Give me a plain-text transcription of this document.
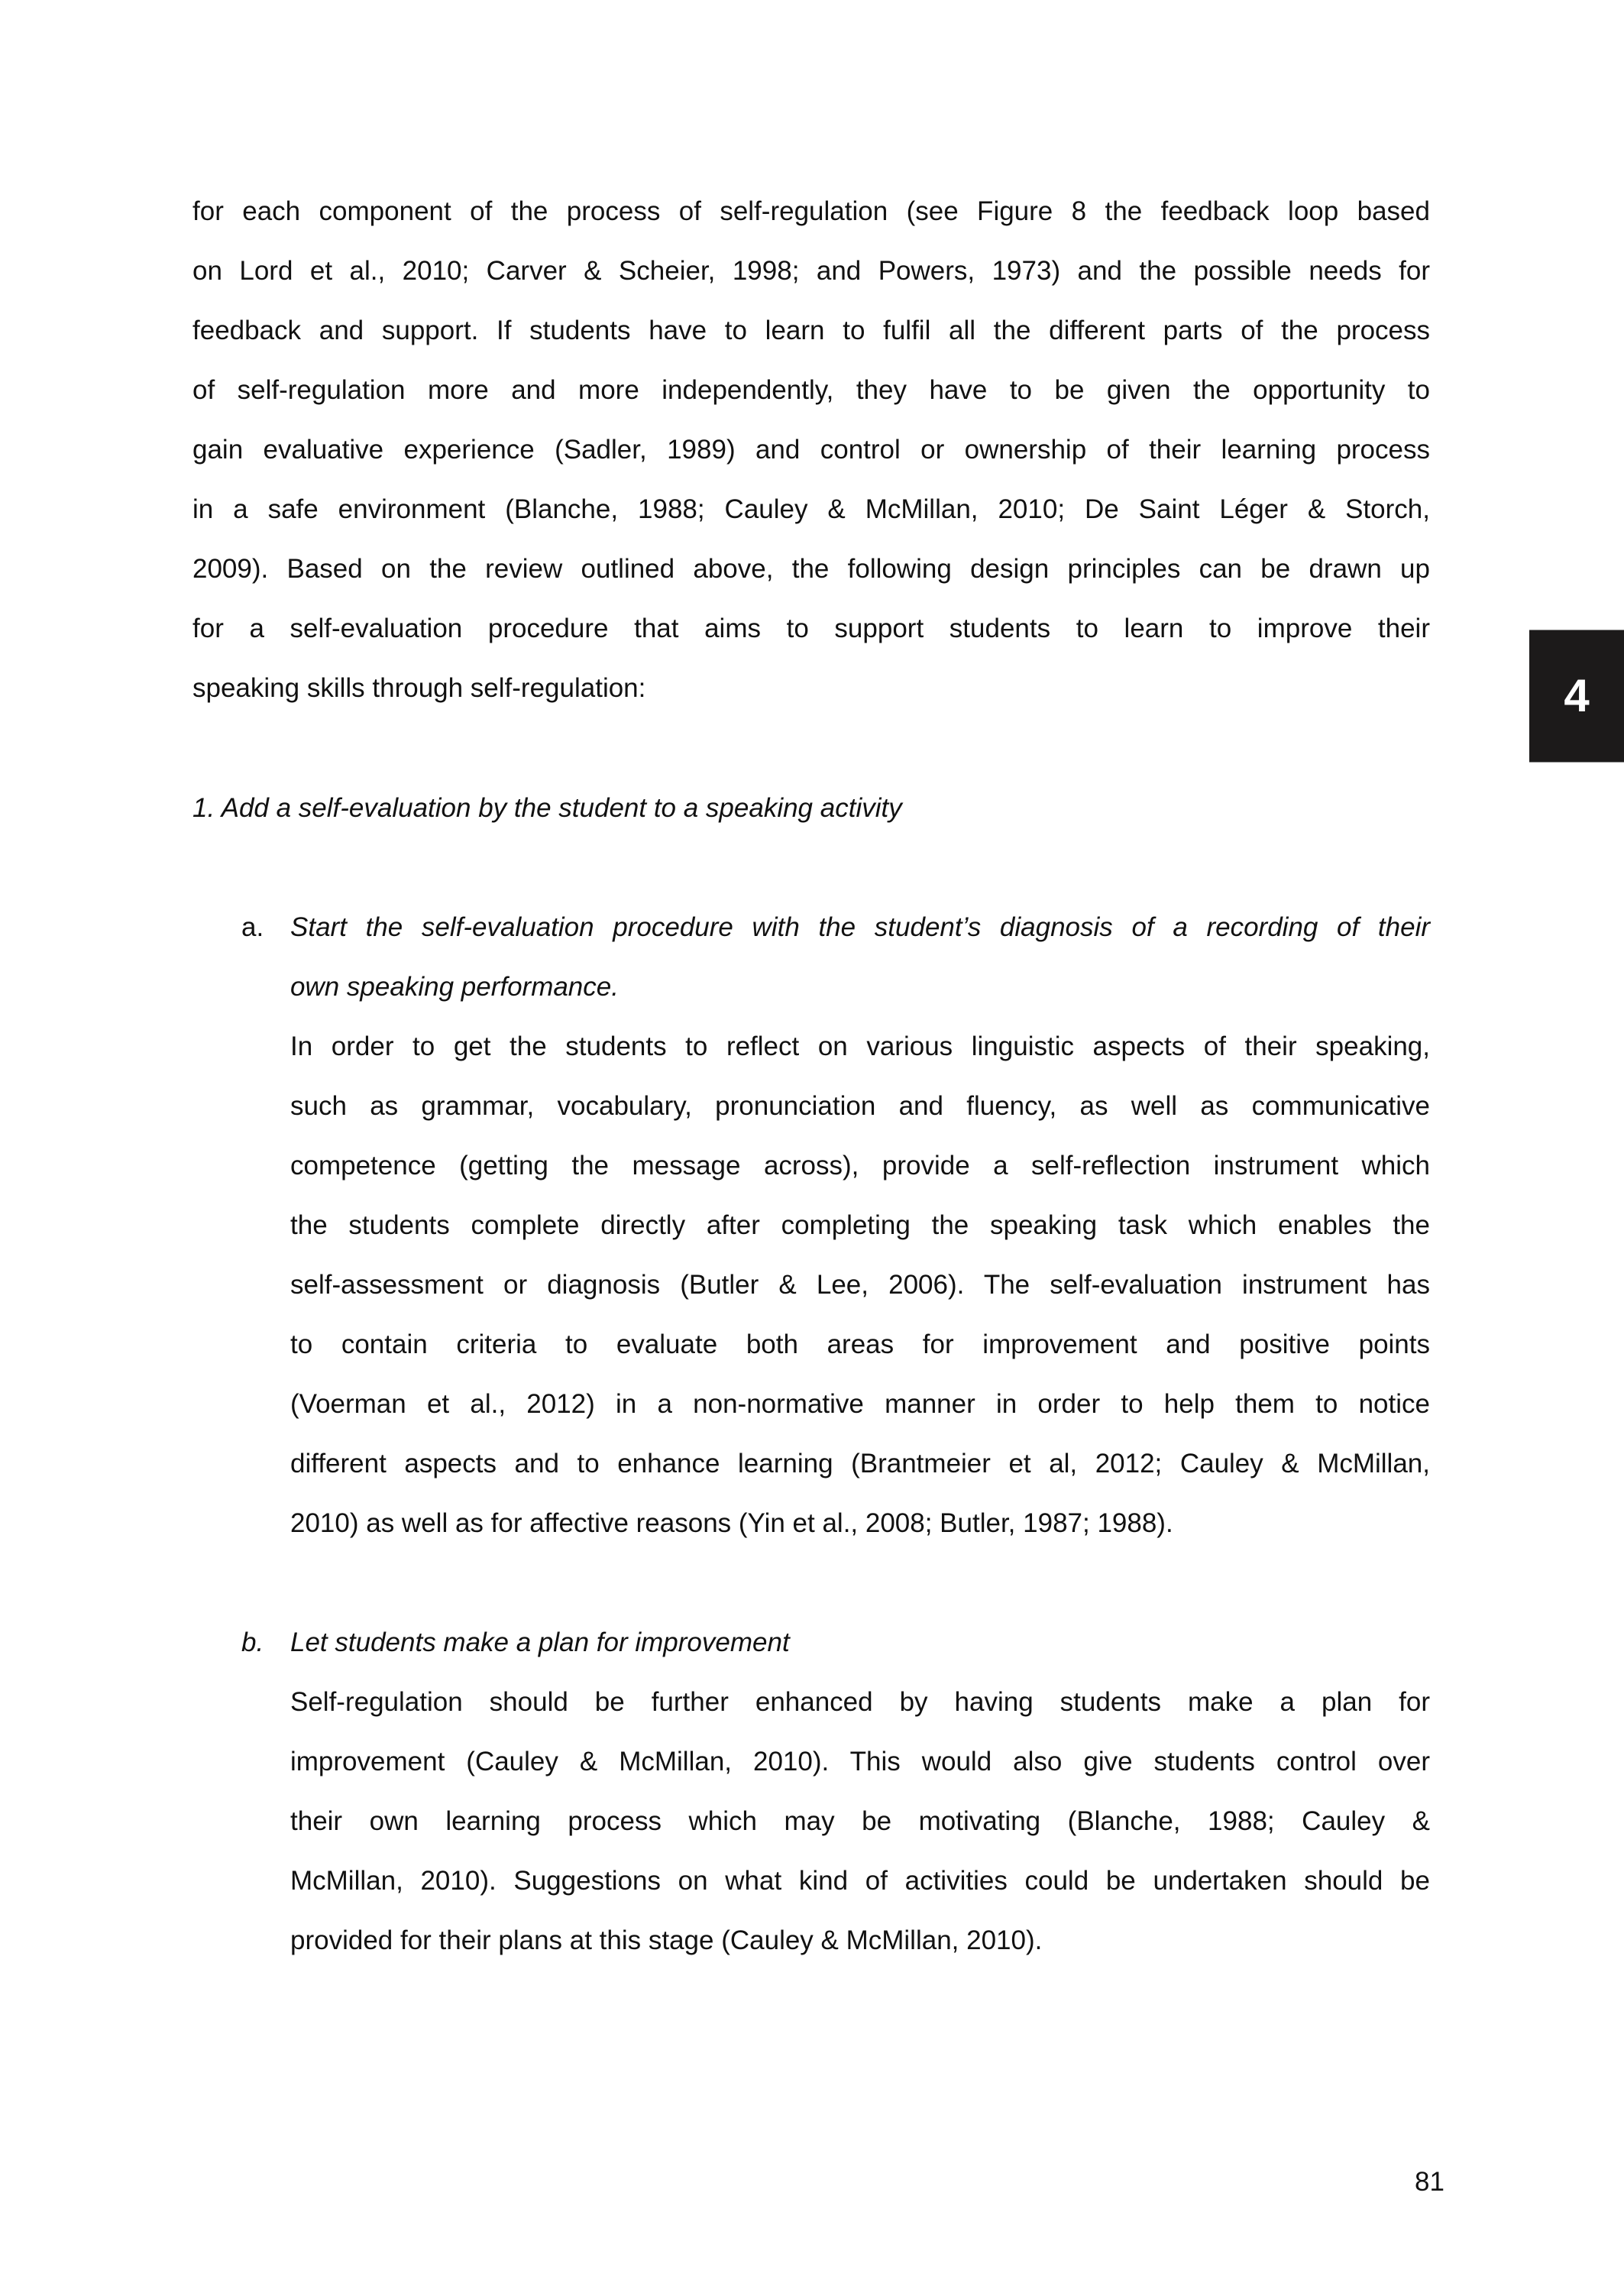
for each component of the process of self-regulation (see Figure 8 the feedback loop based
on Lord et al., 2010; Carver & Scheier, 1998; and Powers, 1973) and the possible needs for
feedback and support. If students have to learn to fulfil all the different parts of the process
of self-regulation more and more independently, they have to be given the opportunity to
gain evaluative experience (Sadler, 1989) and control or ownership of their learning process
in a safe environment (Blanche, 1988; Cauley & McMillan, 2010; De Saint Léger & Storch,
2009). Based on the review outlined above, the following design principles can be drawn up
for a self-evaluation procedure that aims to support students to learn to improve their
speaking skills through self-regulation:	4
1. Add a self-evaluation by the student to a speaking activity
a. Start the self-evaluation procedure with the student’s diagnosis of a recording of their
own speaking performance.
In order to get the students to reflect on various linguistic aspects of their speaking,
such as grammar, vocabulary, pronunciation and fluency, as well as communicative
competence (getting the message across), provide a self-reflection instrument which
the students complete directly after completing the speaking task which enables the
self-assessment or diagnosis (Butler & Lee, 2006). The self-evaluation instrument has
to contain criteria to evaluate both areas for improvement and positive points
(Voerman et al., 2012) in a non-normative manner in order to help them to notice
different aspects and to enhance learning (Brantmeier et al, 2012; Cauley & McMillan,
2010) as well as for affective reasons (Yin et al., 2008; Butler, 1987; 1988).
b. Let students make a plan for improvement
Self-regulation should be further enhanced by having students make a plan for
improvement (Cauley & McMillan, 2010). This would also give students control over
their own learning process which may be motivating (Blanche, 1988; Cauley &
McMillan, 2010). Suggestions on what kind of activities could be undertaken should be
provided for their plans at this stage (Cauley & McMillan, 2010).
81
